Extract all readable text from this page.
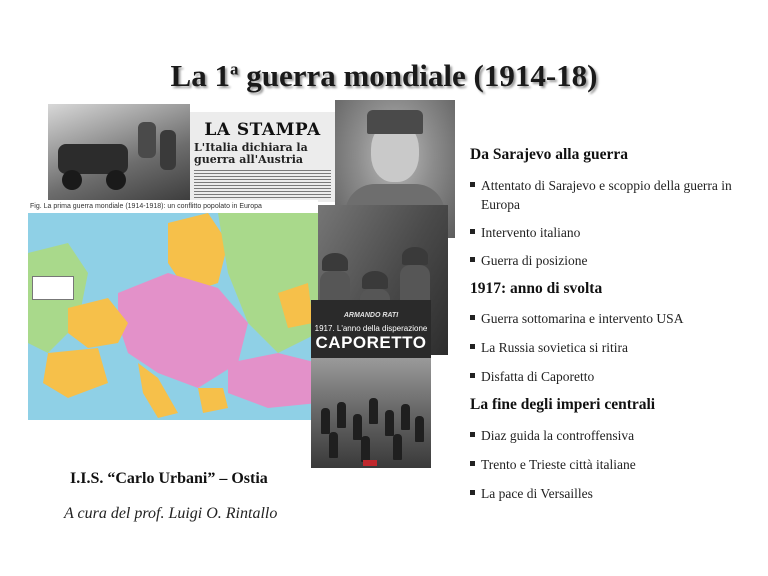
La 1$^a$ guerra mondiale (1914-18)
LA STAMPA
L'Italia dichiara la guerra all'Austria
Fig. La prima guerra mondiale (1914-1918): un conflitto popolato in Europa
ARMANDO RATI
1917. L'anno della disperazione
CAPORETTO
Da Sarajevo alla guerra
Attentato di Sarajevo e scoppio della guerra in Europa
Intervento italiano
Guerra di posizione
1917: anno di svolta
Guerra sottomarina e intervento USA
La Russia sovietica si ritira
Disfatta di Caporetto
La fine degli imperi centrali
Diaz guida la controffensiva
Trento e Trieste città italiane
La pace di Versailles
I.I.S. “Carlo Urbani” – Ostia
A cura del prof. Luigi O. Rintallo
